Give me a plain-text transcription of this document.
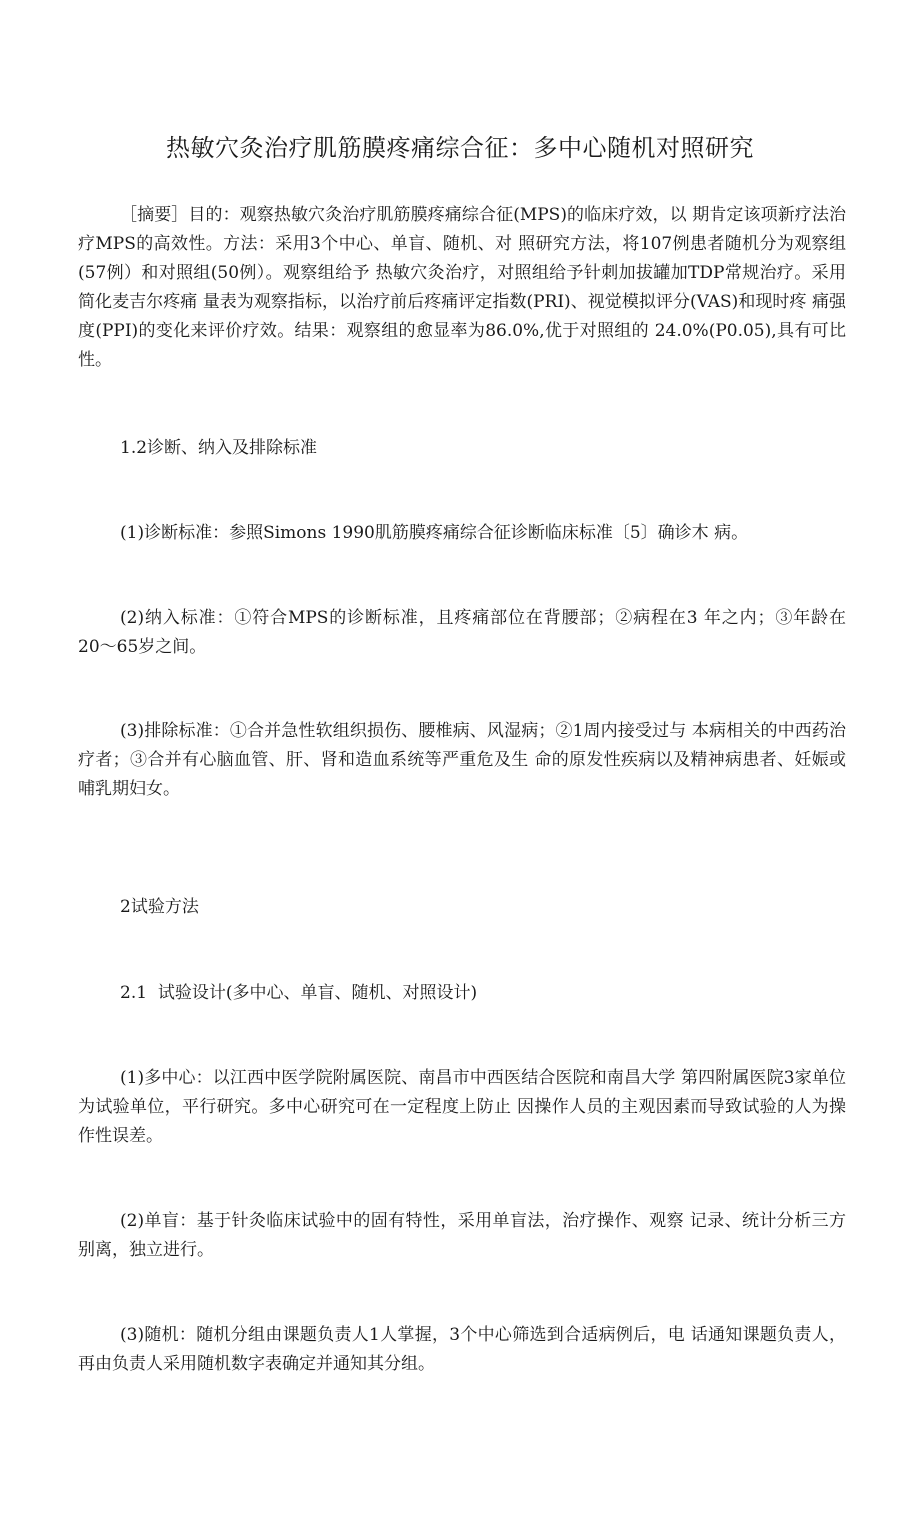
热敏穴灸治疗肌筋膜疼痛综合征：多中心随机对照研究

［摘要］目的：观察热敏穴灸治疗肌筋膜疼痛综合征(MPS)的临床疗效，以 期肯定该项新疗法治疗MPS的高效性。方法：采用3个中心、单盲、随机、对 照研究方法，将107例患者随机分为观察组(57例）和对照组(50例）。观察组给予 热敏穴灸治疗，对照组给予针刺加拔罐加TDP常规治疗。采用简化麦吉尔疼痛 量表为观察指标，以治疗前后疼痛评定指数(PRI)、视觉模拟评分(VAS)和现时疼 痛强度(PPI)的变化来评价疗效。结果：观察组的愈显率为86.0%,优于对照组的 24.0%(P0.05),具有可比性。

1.2诊断、纳入及排除标准

(1)诊断标准：参照Simons 1990肌筋膜疼痛综合征诊断临床标准〔5〕确诊木 病。

(2)纳入标准：①符合MPS的诊断标准，且疼痛部位在背腰部；②病程在3 年之内；③年龄在20〜65岁之间。

(3)排除标准：①合并急性软组织损伤、腰椎病、风湿病；②1周内接受过与 本病相关的中西药治疗者；③合并有心脑血管、肝、肾和造血系统等严重危及生 命的原发性疾病以及精神病患者、妊娠或哺乳期妇女。

2试验方法
2.1  试验设计(多中心、单盲、随机、对照设计)

(1)多中心：以江西中医学院附属医院、南昌市中西医结合医院和南昌大学 第四附属医院3家单位为试验单位，平行研究。多中心研究可在一定程度上防止 因操作人员的主观因素而导致试验的人为操作性误差。

(2)单盲：基于针灸临床试验中的固有特性，采用单盲法，治疗操作、观察 记录、统计分析三方别离，独立进行。

(3)随机：随机分组由课题负责人1人掌握，3个中心筛选到合适病例后，电 话通知课题负责人，再由负责人采用随机数字表确定并通知其分组。
